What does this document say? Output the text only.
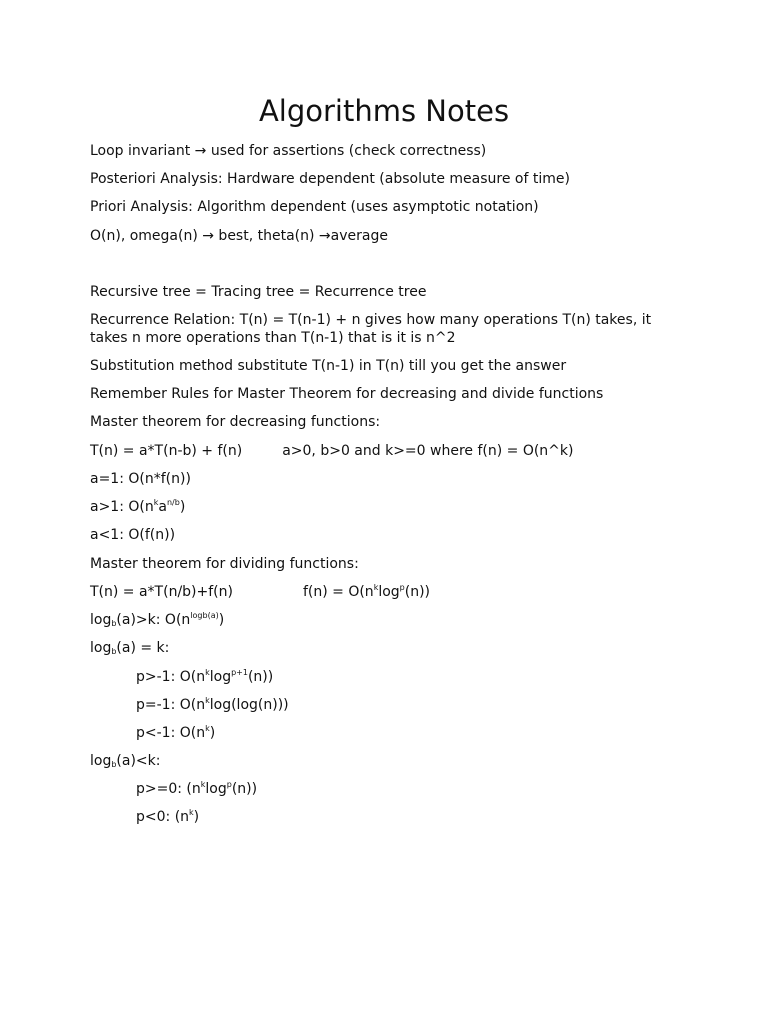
Algorithms Notes
Loop invariant → used for assertions (check correctness)
Posteriori Analysis: Hardware dependent (absolute measure of time)
Priori Analysis: Algorithm dependent (uses asymptotic notation)
O(n), omega(n) → best, theta(n) →average
Recursive tree = Tracing tree = Recurrence tree
Recurrence Relation: T(n) = T(n-1) + n gives how many operations T(n) takes, it takes n more operations than T(n-1) that is it is n^2
Substitution method substitute T(n-1) in T(n) till you get the answer
Remember Rules for Master Theorem for decreasing and divide functions
Master theorem for decreasing functions:
T(n) = a*T(n-b) + f(n)	a>0, b>0 and k>=0 where f(n) = O(n^k)
a=1: O(n*f(n))
a>1: $O(n^ka^{n/b})$
a<1: O(f(n))
Master theorem for dividing functions:
T(n) = a*T(n/b)+f(n)	$f(n) = O(n^k\log^p(n))$
$\log_b(a)>k$: $O(n^{logb(a)})$
$\log_b(a) = k$:
p>-1: $O(n^k\log^{p+1}(n))$
p=-1: $O(n^k\log(\log(n)))$
p<-1: $O(n^k)$
$\log_b(a)<k$:
p>=0: $(n^k\log^p(n))$
p<0: $(n^k)$
